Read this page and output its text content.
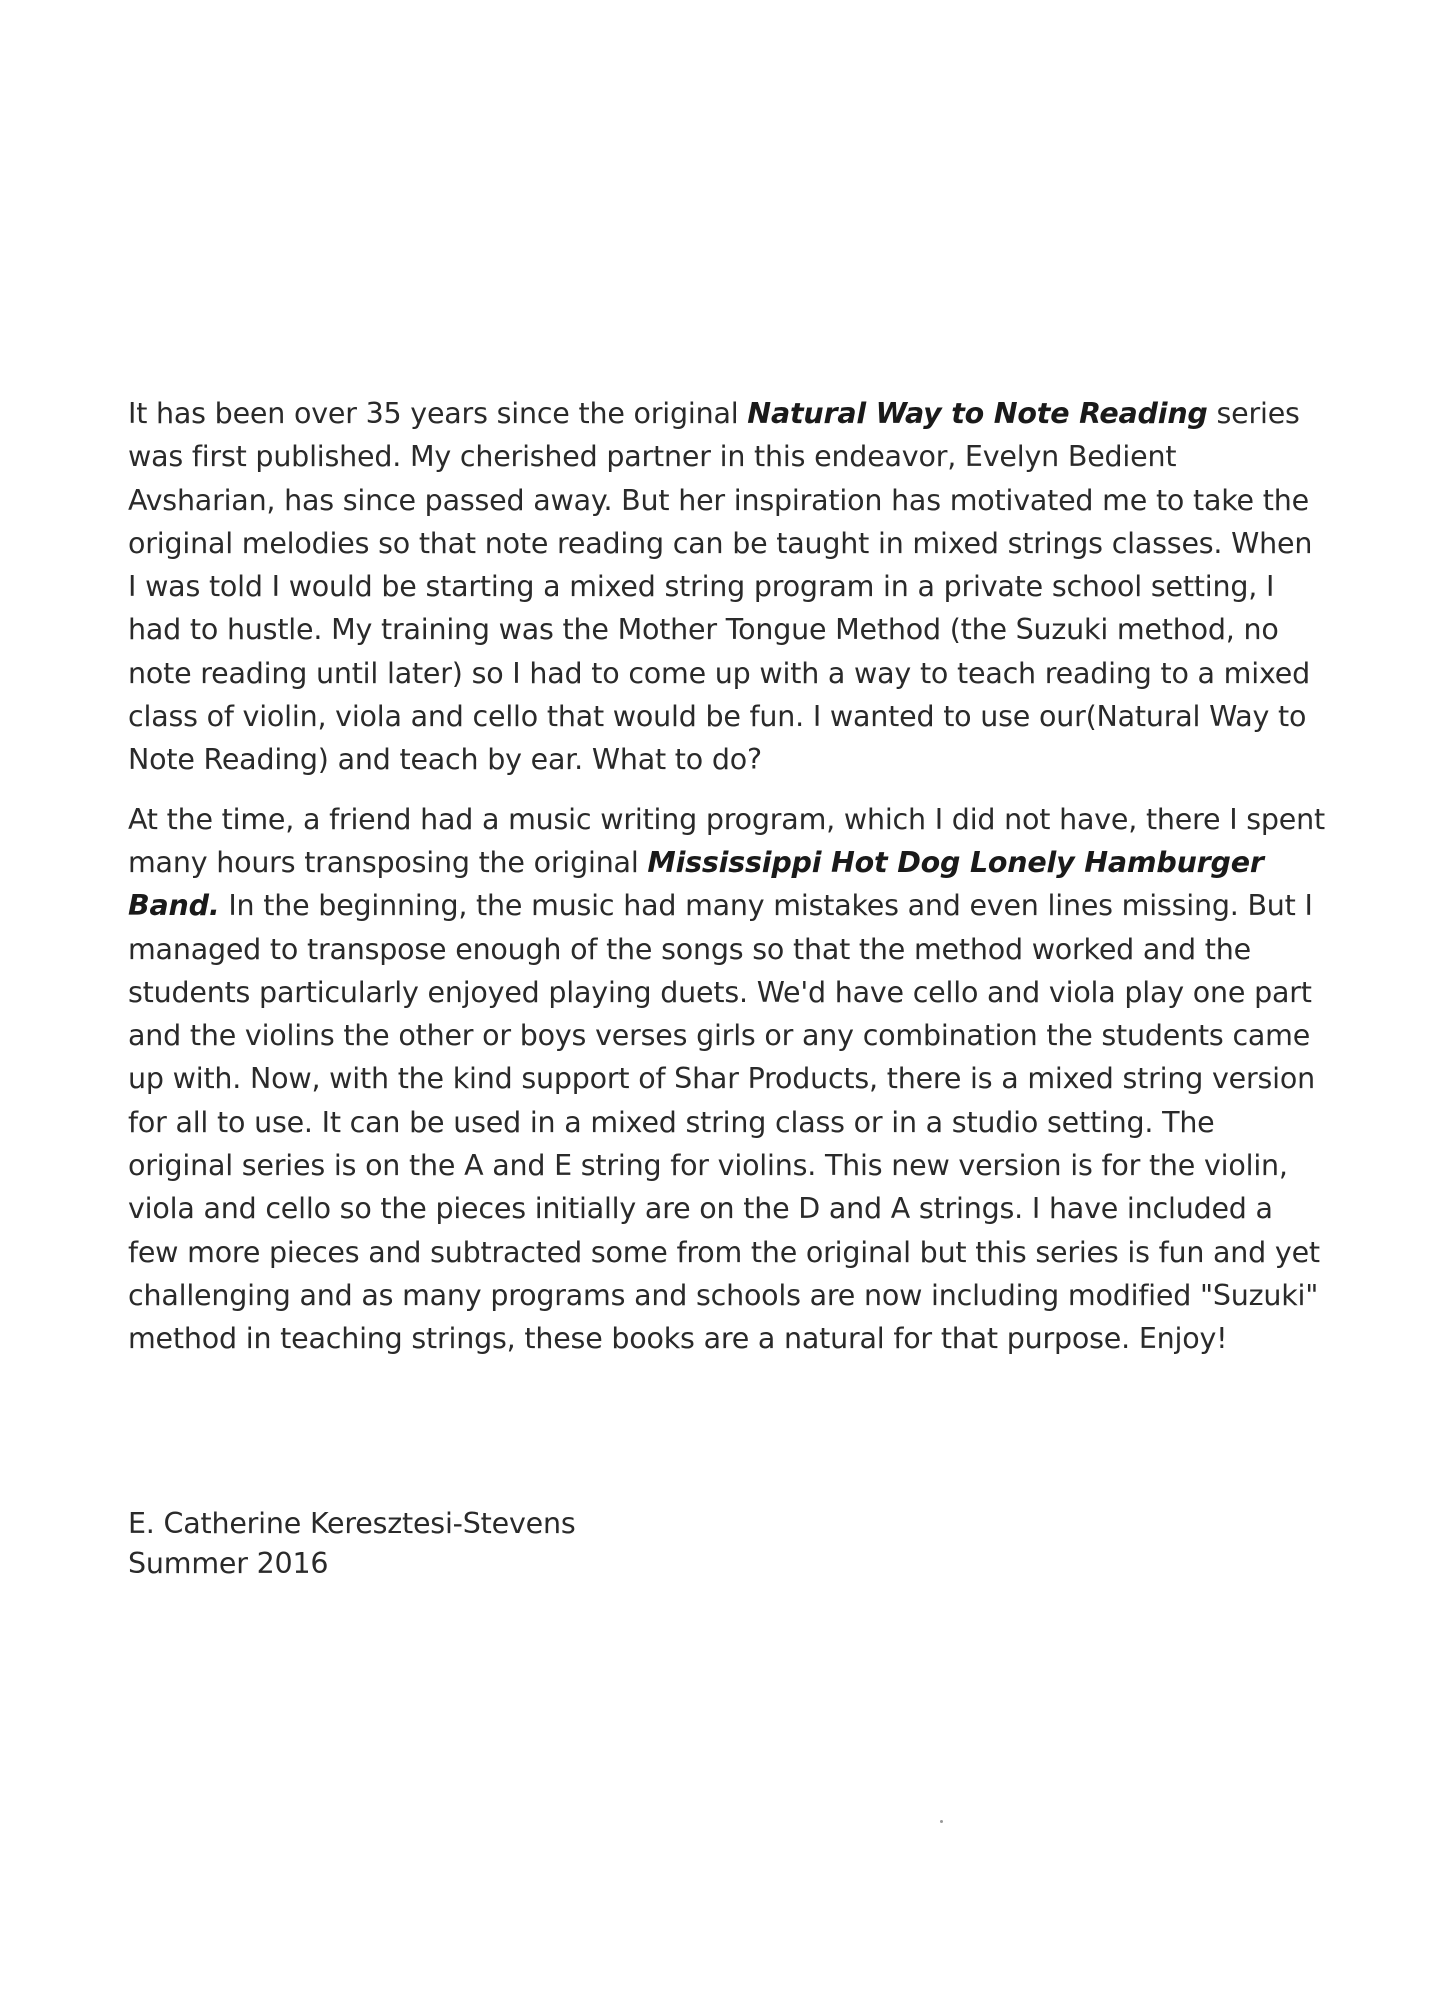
It has been over 35 years since the original Natural Way to Note Reading series was first published. My cherished partner in this endeavor, Evelyn Bedient Avsharian, has since passed away. But her inspiration has motivated me to take the original melodies so that note reading can be taught in mixed strings classes. When I was told I would be starting a mixed string program in a private school setting, I had to hustle. My training was the Mother Tongue Method (the Suzuki method, no note reading until later) so I had to come up with a way to teach reading to a mixed class of violin, viola and cello that would be fun. I wanted to use our(Natural Way to Note Reading) and teach by ear. What to do?

At the time, a friend had a music writing program, which I did not have, there I spent many hours transposing the original Mississippi Hot Dog Lonely Hamburger Band. In the beginning, the music had many mistakes and even lines missing. But I managed to transpose enough of the songs so that the method worked and the students particularly enjoyed playing duets. We'd have cello and viola play one part and the violins the other or boys verses girls or any combination the students came up with. Now, with the kind support of Shar Products, there is a mixed string version for all to use. It can be used in a mixed string class or in a studio setting. The original series is on the A and E string for violins. This new version is for the violin, viola and cello so the pieces initially are on the D and A strings. I have included a few more pieces and subtracted some from the original but this series is fun and yet challenging and as many programs and schools are now including modified "Suzuki" method in teaching strings, these books are a natural for that purpose. Enjoy!

E. Catherine Keresztesi-Stevens
Summer 2016
